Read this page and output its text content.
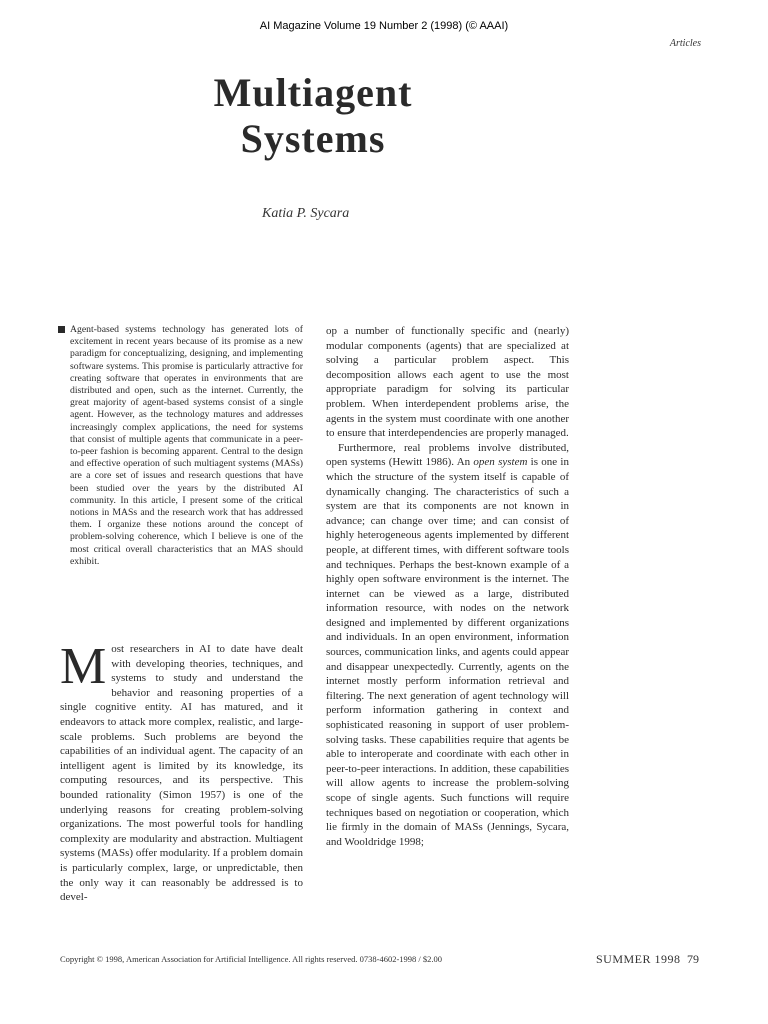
AI Magazine Volume 19 Number 2 (1998) (© AAAI)
Articles
Multiagent
Systems
Katia P. Sycara
Agent-based systems technology has generated lots of excitement in recent years because of its promise as a new paradigm for conceptualizing, designing, and implementing software systems. This promise is particularly attractive for creating software that operates in environments that are distributed and open, such as the internet. Currently, the great majority of agent-based systems consist of a single agent. However, as the technology matures and addresses increasingly complex applications, the need for systems that consist of multiple agents that communicate in a peer-to-peer fashion is becoming apparent. Central to the design and effective operation of such multiagent systems (MASs) are a core set of issues and research questions that have been studied over the years by the distributed AI community. In this article, I present some of the critical notions in MASs and the research work that has addressed them. I organize these notions around the concept of problem-solving coherence, which I believe is one of the most critical overall characteristics that an MAS should exhibit.
M ost researchers in AI to date have dealt with developing theories, techniques, and systems to study and understand the behavior and reasoning properties of a single cognitive entity. AI has matured, and it endeavors to attack more complex, realistic, and large-scale problems. Such problems are beyond the capabilities of an individual agent. The capacity of an intelligent agent is limited by its knowledge, its computing resources, and its perspective. This bounded rationality (Simon 1957) is one of the underlying reasons for creating problem-solving organizations. The most powerful tools for handling complexity are modularity and abstraction. Multiagent systems (MASs) offer modularity. If a problem domain is particularly complex, large, or unpredictable, then the only way it can reasonably be addressed is to devel-

op a number of functionally specific and (nearly) modular components (agents) that are specialized at solving a particular problem aspect. This decomposition allows each agent to use the most appropriate paradigm for solving its particular problem. When interdependent problems arise, the agents in the system must coordinate with one another to ensure that interdependencies are properly managed.

Furthermore, real problems involve distributed, open systems (Hewitt 1986). An open system is one in which the structure of the system itself is capable of dynamically changing. The characteristics of such a system are that its components are not known in advance; can change over time; and can consist of highly heterogeneous agents implemented by different people, at different times, with different software tools and techniques. Perhaps the best-known example of a highly open software environment is the internet. The internet can be viewed as a large, distributed information resource, with nodes on the network designed and implemented by different organizations and individuals. In an open environment, information sources, communication links, and agents could appear and disappear unexpectedly. Currently, agents on the internet mostly perform information retrieval and filtering. The next generation of agent technology will perform information gathering in context and sophisticated reasoning in support of user problem-solving tasks. These capabilities require that agents be able to interoperate and coordinate with each other in peer-to-peer interactions. In addition, these capabilities will allow agents to increase the problem-solving scope of single agents. Such functions will require techniques based on negotiation or cooperation, which lie firmly in the domain of MASs (Jennings, Sycara, and Wooldridge 1998;

Copyright © 1998, American Association for Artificial Intelligence. All rights reserved. 0738-4602-1998 / $2.00	SUMMER 1998 79
